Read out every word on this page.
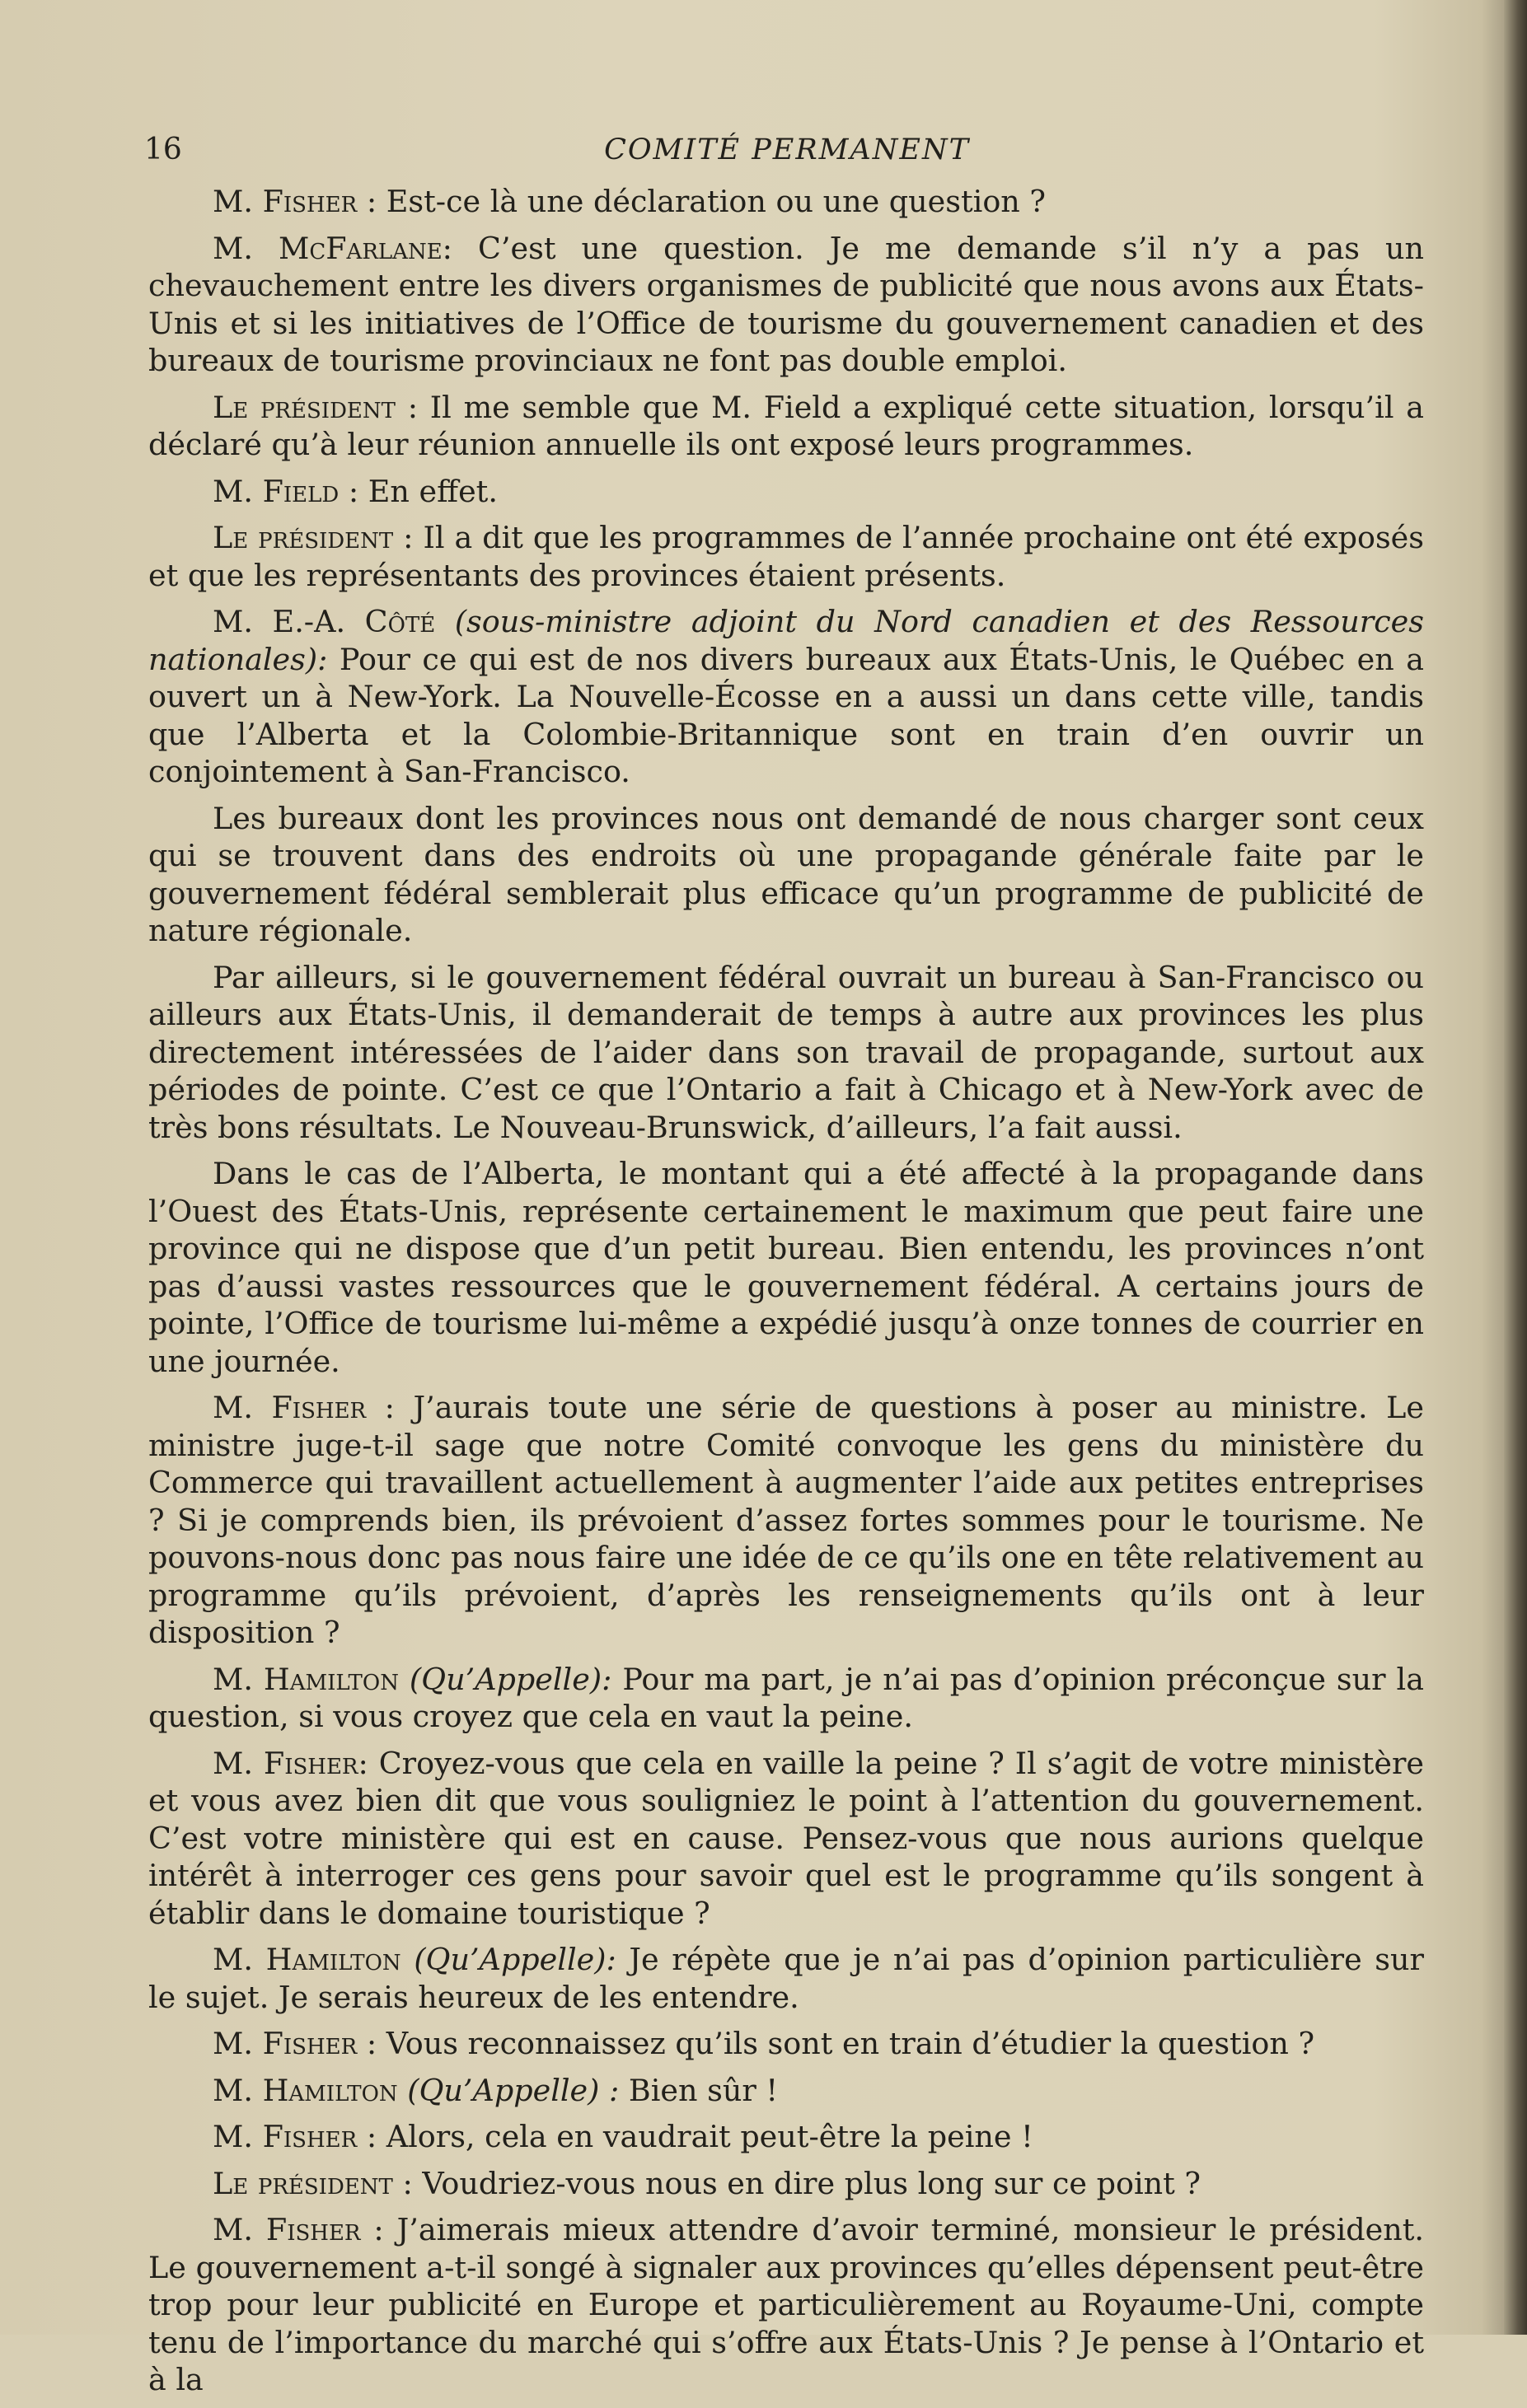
COMITÉ PERMANENT
16

M. Fisher : Est-ce là une déclaration ou une question ?

M. McFarlane: C’est une question. Je me demande s’il n’y a pas un chevauchement entre les divers organismes de publicité que nous avons aux États-Unis et si les initiatives de l’Office de tourisme du gouvernement canadien et des bureaux de tourisme provinciaux ne font pas double emploi.

Le président : Il me semble que M. Field a expliqué cette situation, lorsqu’il a déclaré qu’à leur réunion annuelle ils ont exposé leurs programmes.

M. Field : En effet.

Le président : Il a dit que les programmes de l’année prochaine ont été exposés et que les représentants des provinces étaient présents.

M. E.-A. Côté (sous-ministre adjoint du Nord canadien et des Ressources nationales): Pour ce qui est de nos divers bureaux aux États-Unis, le Québec en a ouvert un à New-York. La Nouvelle-Écosse en a aussi un dans cette ville, tandis que l’Alberta et la Colombie-Britannique sont en train d’en ouvrir un conjointement à San-Francisco.

Les bureaux dont les provinces nous ont demandé de nous charger sont ceux qui se trouvent dans des endroits où une propagande générale faite par le gouvernement fédéral semblerait plus efficace qu’un programme de publicité de nature régionale.

Par ailleurs, si le gouvernement fédéral ouvrait un bureau à San-Francisco ou ailleurs aux États-Unis, il demanderait de temps à autre aux provinces les plus directement intéressées de l’aider dans son travail de propagande, surtout aux périodes de pointe. C’est ce que l’Ontario a fait à Chicago et à New-York avec de très bons résultats. Le Nouveau-Brunswick, d’ailleurs, l’a fait aussi.

Dans le cas de l’Alberta, le montant qui a été affecté à la propagande dans l’Ouest des États-Unis, représente certainement le maximum que peut faire une province qui ne dispose que d’un petit bureau. Bien entendu, les provinces n’ont pas d’aussi vastes ressources que le gouvernement fédéral. A certains jours de pointe, l’Office de tourisme lui-même a expédié jusqu’à onze tonnes de courrier en une journée.

M. Fisher : J’aurais toute une série de questions à poser au ministre. Le ministre juge-t-il sage que notre Comité convoque les gens du ministère du Commerce qui travaillent actuellement à augmenter l’aide aux petites entreprises ? Si je comprends bien, ils prévoient d’assez fortes sommes pour le tourisme. Ne pouvons-nous donc pas nous faire une idée de ce qu’ils one en tête relativement au programme qu’ils prévoient, d’après les renseignements qu’ils ont à leur disposition ?

M. Hamilton (Qu’Appelle): Pour ma part, je n’ai pas d’opinion préconçue sur la question, si vous croyez que cela en vaut la peine.

M. Fisher: Croyez-vous que cela en vaille la peine ? Il s’agit de votre ministère et vous avez bien dit que vous souligniez le point à l’attention du gouvernement. C’est votre ministère qui est en cause. Pensez-vous que nous aurions quelque intérêt à interroger ces gens pour savoir quel est le programme qu’ils songent à établir dans le domaine touristique ?

M. Hamilton (Qu’Appelle): Je répète que je n’ai pas d’opinion particulière sur le sujet. Je serais heureux de les entendre.

M. Fisher : Vous reconnaissez qu’ils sont en train d’étudier la question ?

M. Hamilton (Qu’Appelle) : Bien sûr !

M. Fisher : Alors, cela en vaudrait peut-être la peine !

Le président : Voudriez-vous nous en dire plus long sur ce point ?

M. Fisher : J’aimerais mieux attendre d’avoir terminé, monsieur le président. Le gouvernement a-t-il songé à signaler aux provinces qu’elles dépensent peut-être trop pour leur publicité en Europe et particulièrement au Royaume-Uni, compte tenu de l’importance du marché qui s’offre aux États-Unis ? Je pense à l’Ontario et à la
